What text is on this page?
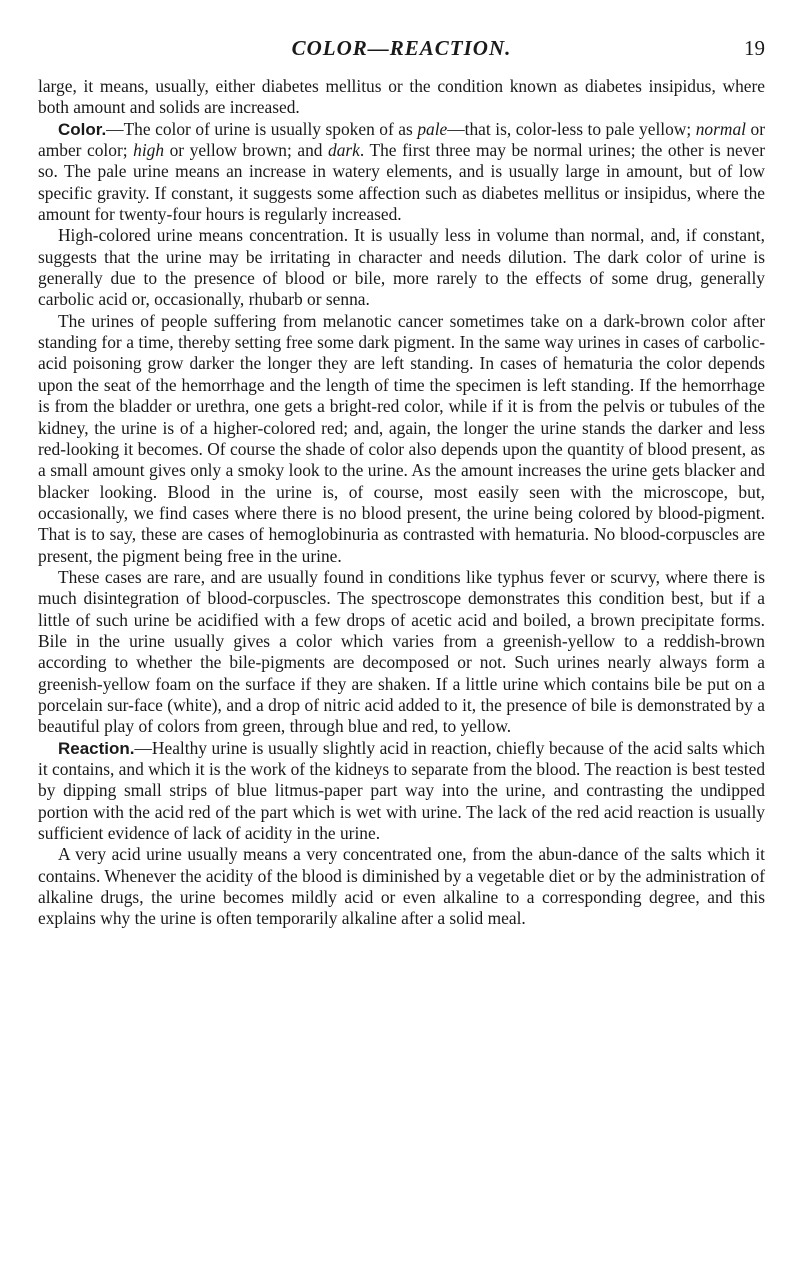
COLOR—REACTION.	19

large, it means, usually, either diabetes mellitus or the condition known as diabetes insipidus, where both amount and solids are increased.

Color.—The color of urine is usually spoken of as pale—that is, color-less to pale yellow; normal or amber color; high or yellow brown; and dark. The first three may be normal urines; the other is never so. The pale urine means an increase in watery elements, and is usually large in amount, but of low specific gravity. If constant, it suggests some affection such as diabetes mellitus or insipidus, where the amount for twenty-four hours is regularly increased.

High-colored urine means concentration. It is usually less in volume than normal, and, if constant, suggests that the urine may be irritating in character and needs dilution. The dark color of urine is generally due to the presence of blood or bile, more rarely to the effects of some drug, generally carbolic acid or, occasionally, rhubarb or senna.

The urines of people suffering from melanotic cancer sometimes take on a dark-brown color after standing for a time, thereby setting free some dark pigment. In the same way urines in cases of carbolic-acid poisoning grow darker the longer they are left standing. In cases of hematuria the color depends upon the seat of the hemorrhage and the length of time the specimen is left standing. If the hemorrhage is from the bladder or urethra, one gets a bright-red color, while if it is from the pelvis or tubules of the kidney, the urine is of a higher-colored red; and, again, the longer the urine stands the darker and less red-looking it becomes. Of course the shade of color also depends upon the quantity of blood present, as a small amount gives only a smoky look to the urine. As the amount increases the urine gets blacker and blacker looking. Blood in the urine is, of course, most easily seen with the microscope, but, occasionally, we find cases where there is no blood present, the urine being colored by blood-pigment. That is to say, these are cases of hemoglobinuria as contrasted with hematuria. No blood-corpuscles are present, the pigment being free in the urine.

These cases are rare, and are usually found in conditions like typhus fever or scurvy, where there is much disintegration of blood-corpuscles. The spectroscope demonstrates this condition best, but if a little of such urine be acidified with a few drops of acetic acid and boiled, a brown precipitate forms. Bile in the urine usually gives a color which varies from a greenish-yellow to a reddish-brown according to whether the bile-pigments are decomposed or not. Such urines nearly always form a greenish-yellow foam on the surface if they are shaken. If a little urine which contains bile be put on a porcelain sur-face (white), and a drop of nitric acid added to it, the presence of bile is demonstrated by a beautiful play of colors from green, through blue and red, to yellow.

Reaction.—Healthy urine is usually slightly acid in reaction, chiefly because of the acid salts which it contains, and which it is the work of the kidneys to separate from the blood. The reaction is best tested by dipping small strips of blue litmus-paper part way into the urine, and contrasting the undipped portion with the acid red of the part which is wet with urine. The lack of the red acid reaction is usually sufficient evidence of lack of acidity in the urine.

A very acid urine usually means a very concentrated one, from the abun-dance of the salts which it contains. Whenever the acidity of the blood is diminished by a vegetable diet or by the administration of alkaline drugs, the urine becomes mildly acid or even alkaline to a corresponding degree, and this explains why the urine is often temporarily alkaline after a solid meal.
